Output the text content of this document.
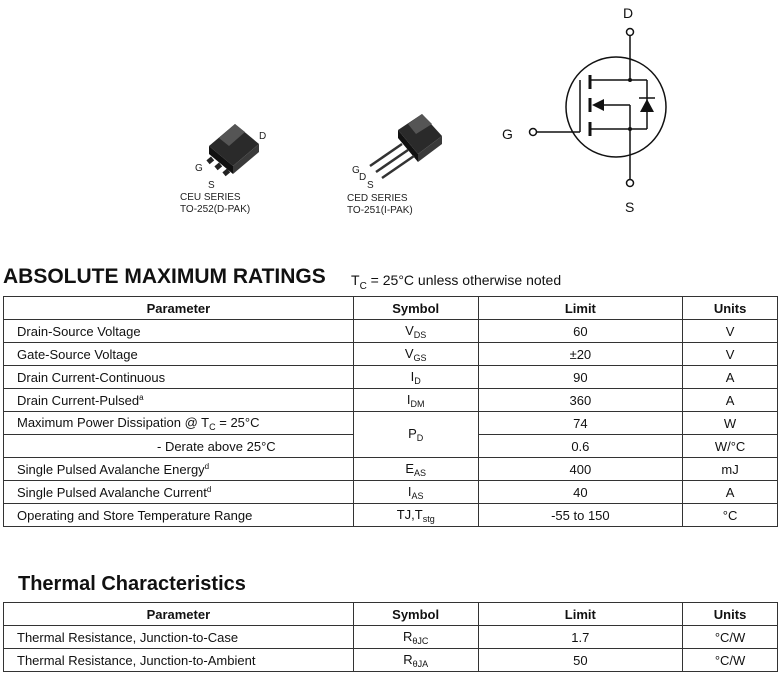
D
G
S
CEU SERIES
TO-252(D-PAK)
G
D
S
CED SERIES
TO-251(I-PAK)
D
G
S
ABSOLUTE MAXIMUM RATINGS $T_C = 25^\circ C$ unless otherwise noted
Parameter	Symbol	Limit	Units
Drain-Source Voltage	$V_{DS}$	60	V
Gate-Source Voltage	$V_{GS}$	±20	V
Drain Current-Continuous	$I_D$	90	A
Drain Current-Pulsed$^a$	$I_{DM}$	360	A
Maximum Power Dissipation @ $T_C = 25^\circ C$	$P_D$	74	W
- Derate above 25°C		0.6	W/°C
Single Pulsed Avalanche Energy$^d$	$E_{AS}$	400	mJ
Single Pulsed Avalanche Current$^d$	$I_{AS}$	40	A
Operating and Store Temperature Range	$TJ,T_{stg}$	-55 to 150	°C
Thermal Characteristics
Parameter	Symbol	Limit	Units
Thermal Resistance, Junction-to-Case	$R_{\theta JC}$	1.7	°C/W
Thermal Resistance, Junction-to-Ambient	$R_{\theta JA}$	50	°C/W
